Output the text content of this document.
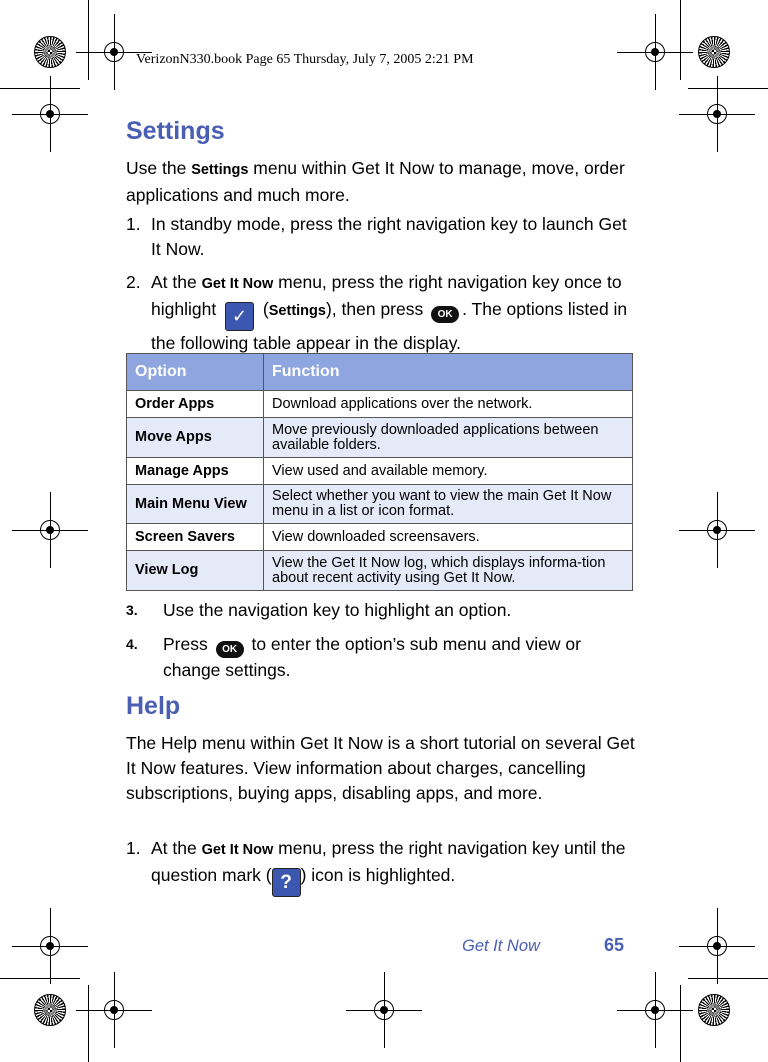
VerizonN330.book Page 65 Thursday, July 7, 2005 2:21 PM
Settings
Use the Settings menu within Get It Now to manage, move, order applications and much more.
1. In standby mode, press the right navigation key to launch Get It Now.
2. At the Get It Now menu, press the right navigation key once to highlight ✓ (Settings), then press OK . The options listed in the following table appear in the display.
Option	Function
Order Apps	Download applications over the network.
Move Apps	Move previously downloaded applications between available folders.
Manage Apps	View used and available memory.
Main Menu View	Select whether you want to view the main Get It Now menu in a list or icon format.
Screen Savers	View downloaded screensavers.
View Log	View the Get It Now log, which displays informa-tion about recent activity using Get It Now.
3. Use the navigation key to highlight an option.
4. Press OK to enter the option’s sub menu and view or change settings.
Help
The Help menu within Get It Now is a short tutorial on several Get It Now features. View information about charges, cancelling subscriptions, buying apps, disabling apps, and more.
1. At the Get It Now menu, press the right navigation key until the question mark ( ? ) icon is highlighted.
Get It Now	65
